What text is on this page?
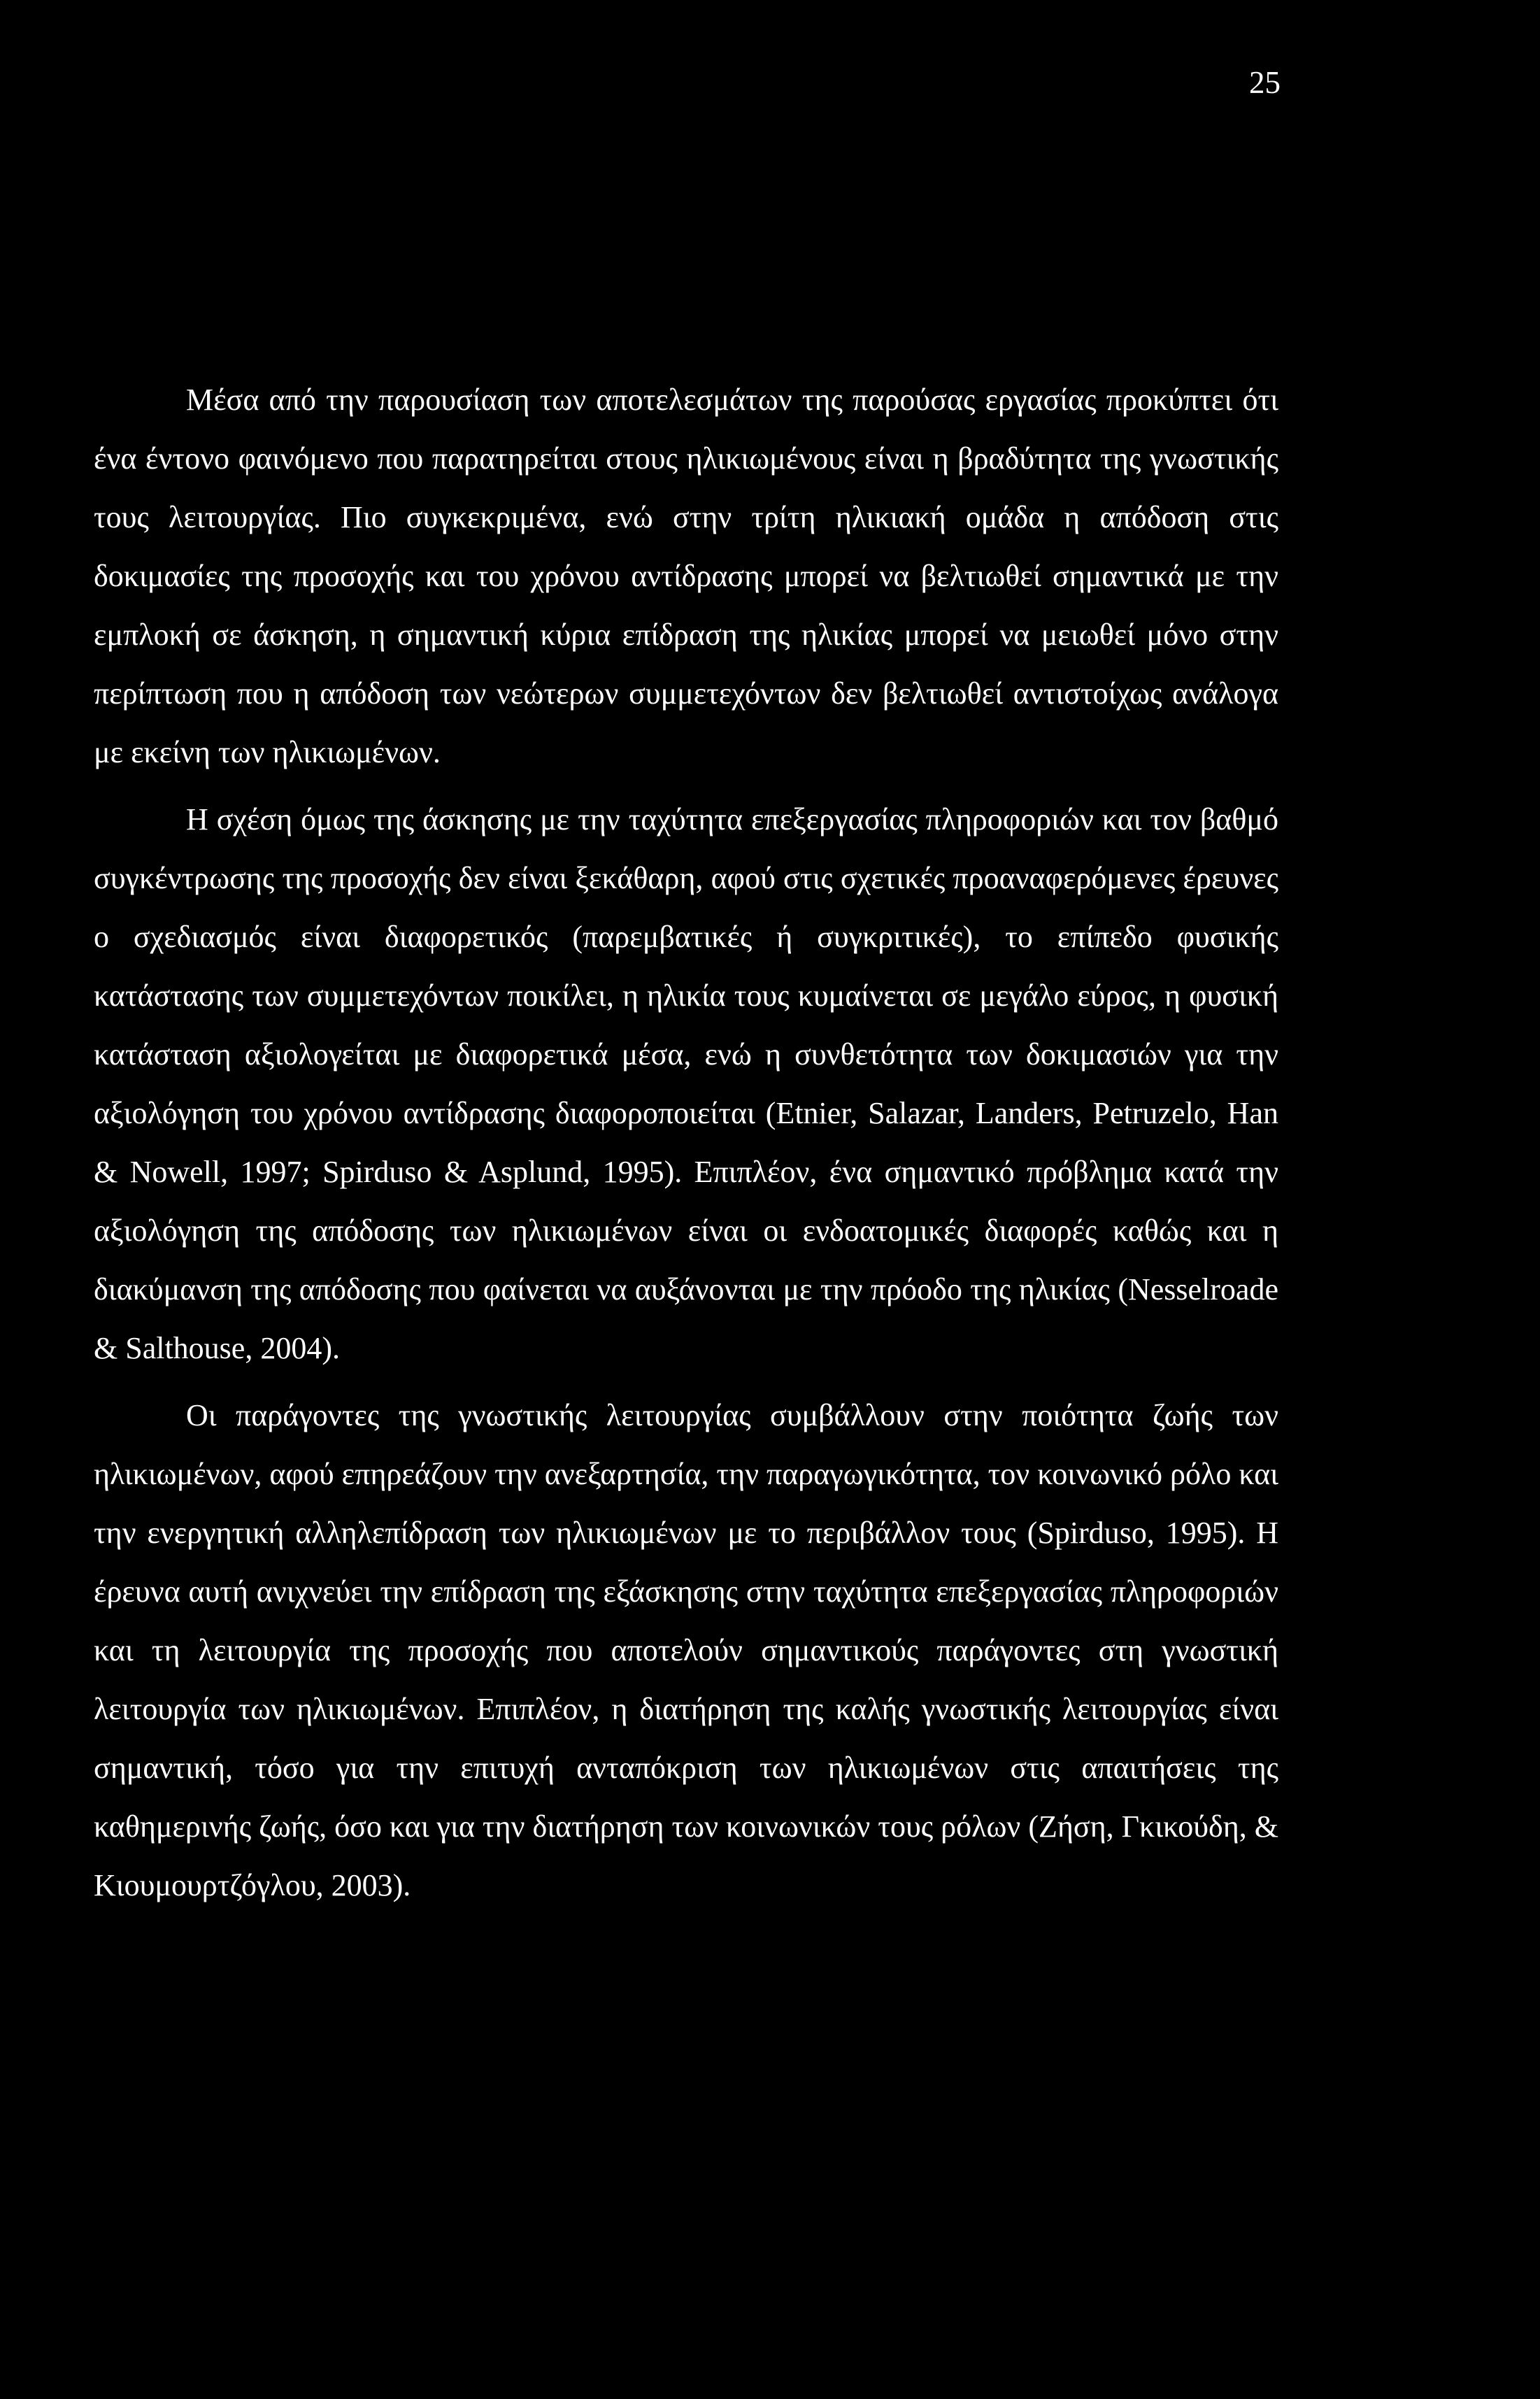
25

Μέσα από την παρουσίαση των αποτελεσμάτων της παρούσας εργασίας προκύπτει ότι ένα έντονο φαινόμενο που παρατηρείται στους ηλικιωμένους είναι η βραδύτητα της γνωστικής τους λειτουργίας. Πιο συγκεκριμένα, ενώ στην τρίτη ηλικιακή ομάδα η απόδοση στις δοκιμασίες της προσοχής και του χρόνου αντίδρασης μπορεί να βελτιωθεί σημαντικά με την εμπλοκή σε άσκηση, η σημαντική κύρια επίδραση της ηλικίας μπορεί να μειωθεί μόνο στην περίπτωση που η απόδοση των νεώτερων συμμετεχόντων δεν βελτιωθεί αντιστοίχως ανάλογα με εκείνη των ηλικιωμένων.

Η σχέση όμως της άσκησης με την ταχύτητα επεξεργασίας πληροφοριών και τον βαθμό συγκέντρωσης της προσοχής δεν είναι ξεκάθαρη, αφού στις σχετικές προαναφερόμενες έρευνες ο σχεδιασμός είναι διαφορετικός (παρεμβατικές ή συγκριτικές), το επίπεδο φυσικής κατάστασης των συμμετεχόντων ποικίλει, η ηλικία τους κυμαίνεται σε μεγάλο εύρος, η φυσική κατάσταση αξιολογείται με διαφορετικά μέσα, ενώ η συνθετότητα των δοκιμασιών για την αξιολόγηση του χρόνου αντίδρασης διαφοροποιείται (Etnier, Salazar, Landers, Petruzelo, Han & Nowell, 1997; Spirduso & Asplund, 1995). Επιπλέον, ένα σημαντικό πρόβλημα κατά την αξιολόγηση της απόδοσης των ηλικιωμένων είναι οι ενδοατομικές διαφορές καθώς και η διακύμανση της απόδοσης που φαίνεται να αυξάνονται με την πρόοδο της ηλικίας (Nesselroade & Salthouse, 2004).

Οι παράγοντες της γνωστικής λειτουργίας συμβάλλουν στην ποιότητα ζωής των ηλικιωμένων, αφού επηρεάζουν την ανεξαρτησία, την παραγωγικότητα, τον κοινωνικό ρόλο και την ενεργητική αλληλεπίδραση των ηλικιωμένων με το περιβάλλον τους (Spirduso, 1995). Η έρευνα αυτή ανιχνεύει την επίδραση της εξάσκησης στην ταχύτητα επεξεργασίας πληροφοριών και τη λειτουργία της προσοχής που αποτελούν σημαντικούς παράγοντες στη γνωστική λειτουργία των ηλικιωμένων. Επιπλέον, η διατήρηση της καλής γνωστικής λειτουργίας είναι σημαντική, τόσο για την επιτυχή ανταπόκριση των ηλικιωμένων στις απαιτήσεις της καθημερινής ζωής, όσο και για την διατήρηση των κοινωνικών τους ρόλων (Ζήση, Γκικούδη, & Κιουμουρτζόγλου, 2003).
